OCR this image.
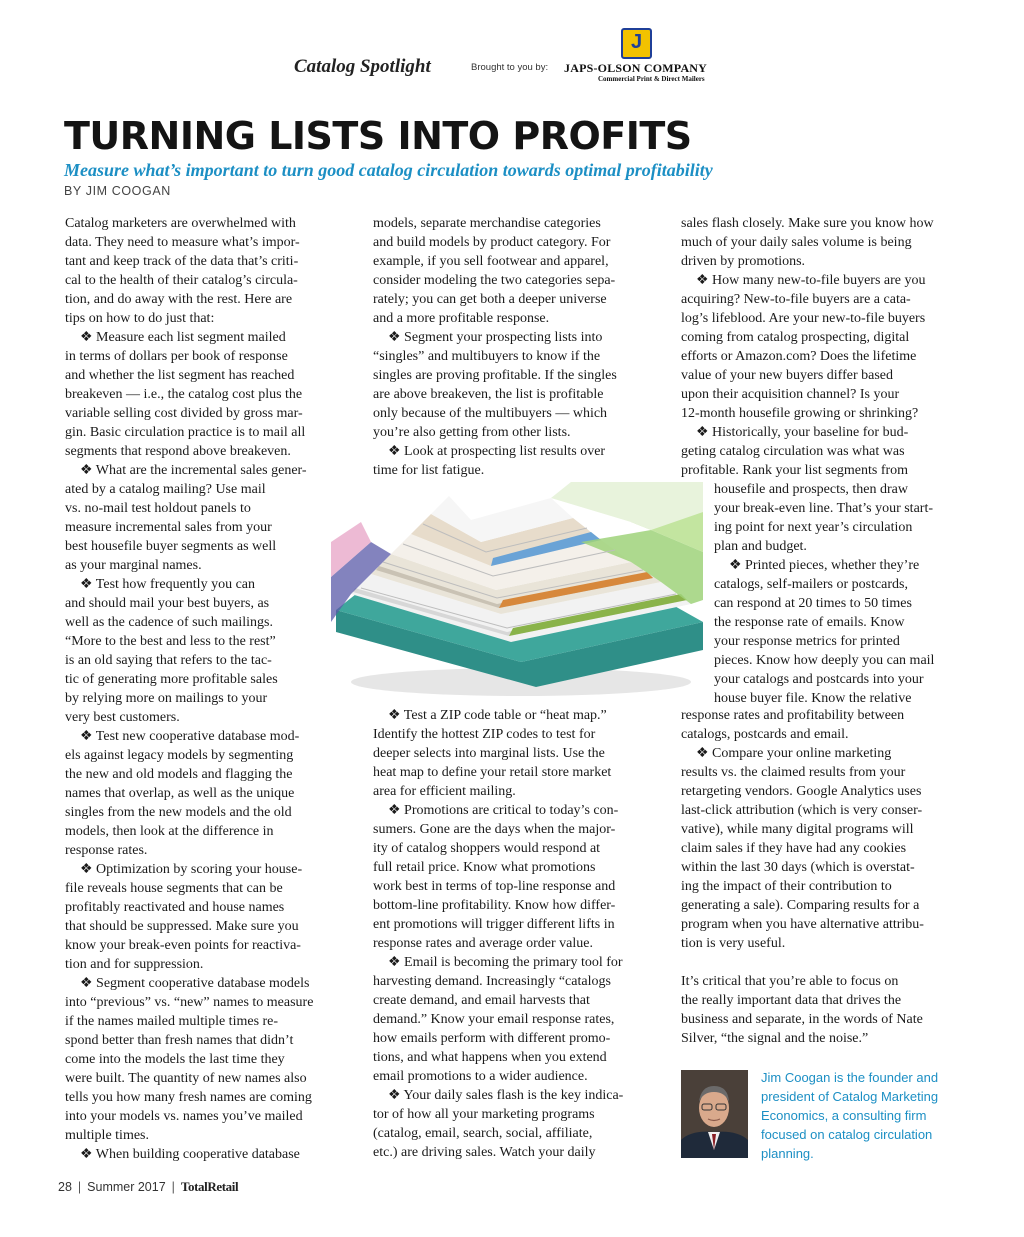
Catalog Spotlight	Brought to you by:
J
JAPS-OLSON COMPANY
Commercial Print & Direct Mailers
TURNING LISTS INTO PROFITS
Measure what’s important to turn good catalog circulation towards optimal profitability
BY JIM COOGAN
Catalog marketers are overwhelmed with
data. They need to measure what’s impor-
tant and keep track of the data that’s criti-
cal to the health of their catalog’s circula-
tion, and do away with the rest. Here are
tips on how to do just that:
❖ Measure each list segment mailed
in terms of dollars per book of response
and whether the list segment has reached
breakeven — i.e., the catalog cost plus the
variable selling cost divided by gross mar-
gin. Basic circulation practice is to mail all
segments that respond above breakeven.
❖ What are the incremental sales gener-
ated by a catalog mailing? Use mail
vs. no-mail test holdout panels to
measure incremental sales from your
best housefile buyer segments as well
as your marginal names.
❖ Test how frequently you can
and should mail your best buyers, as
well as the cadence of such mailings.
“More to the best and less to the rest”
is an old saying that refers to the tac-
tic of generating more profitable sales
by relying more on mailings to your
very best customers.
❖ Test new cooperative database mod-
els against legacy models by segmenting
the new and old models and flagging the
names that overlap, as well as the unique
singles from the new models and the old
models, then look at the difference in
response rates.
❖ Optimization by scoring your house-
file reveals house segments that can be
profitably reactivated and house names
that should be suppressed. Make sure you
know your break-even points for reactiva-
tion and for suppression.
❖ Segment cooperative database models
into “previous” vs. “new” names to measure
if the names mailed multiple times re-
spond better than fresh names that didn’t
come into the models the last time they
were built. The quantity of new names also
tells you how many fresh names are coming
into your models vs. names you’ve mailed
multiple times.
❖ When building cooperative database
models, separate merchandise categories
and build models by product category. For
example, if you sell footwear and apparel,
consider modeling the two categories sepa-
rately; you can get both a deeper universe
and a more profitable response.
❖ Segment your prospecting lists into
“singles” and multibuyers to know if the
singles are proving profitable. If the singles
are above breakeven, the list is profitable
only because of the multibuyers — which
you’re also getting from other lists.
❖ Look at prospecting list results over
time for list fatigue.
sales flash closely. Make sure you know how
much of your daily sales volume is being
driven by promotions.
❖ How many new-to-file buyers are you
acquiring? New-to-file buyers are a cata-
log’s lifeblood. Are your new-to-file buyers
coming from catalog prospecting, digital
efforts or Amazon.com? Does the lifetime
value of your new buyers differ based
upon their acquisition channel? Is your
12-month housefile growing or shrinking?
❖ Historically, your baseline for bud-
geting catalog circulation was what was
profitable. Rank your list segments from
housefile and prospects, then draw
your break-even line. That’s your start-
ing point for next year’s circulation
plan and budget.
❖ Printed pieces, whether they’re
catalogs, self-mailers or postcards,
can respond at 20 times to 50 times
the response rate of emails. Know
your response metrics for printed
pieces. Know how deeply you can mail
your catalogs and postcards into your
house buyer file. Know the relative
❖ Test a ZIP code table or “heat map.”
Identify the hottest ZIP codes to test for
deeper selects into marginal lists. Use the
heat map to define your retail store market
area for efficient mailing.
❖ Promotions are critical to today’s con-
sumers. Gone are the days when the major-
ity of catalog shoppers would respond at
full retail price. Know what promotions
work best in terms of top-line response and
bottom-line profitability. Know how differ-
ent promotions will trigger different lifts in
response rates and average order value.
❖ Email is becoming the primary tool for
harvesting demand. Increasingly “catalogs
create demand, and email harvests that
demand.” Know your email response rates,
how emails perform with different promo-
tions, and what happens when you extend
email promotions to a wider audience.
❖ Your daily sales flash is the key indica-
tor of how all your marketing programs
(catalog, email, search, social, affiliate,
etc.) are driving sales. Watch your daily
response rates and profitability between
catalogs, postcards and email.
❖ Compare your online marketing
results vs. the claimed results from your
retargeting vendors. Google Analytics uses
last-click attribution (which is very conser-
vative), while many digital programs will
claim sales if they have had any cookies
within the last 30 days (which is overstat-
ing the impact of their contribution to
generating a sale). Comparing results for a
program when you have alternative attribu-
tion is very useful.
It’s critical that you’re able to focus on
the really important data that drives the
business and separate, in the words of Nate
Silver, “the signal and the noise.”
Jim Coogan is the founder and
president of Catalog Marketing
Economics, a consulting firm
focused on catalog circulation
planning.
28 | Summer 2017 | TotalRetail
